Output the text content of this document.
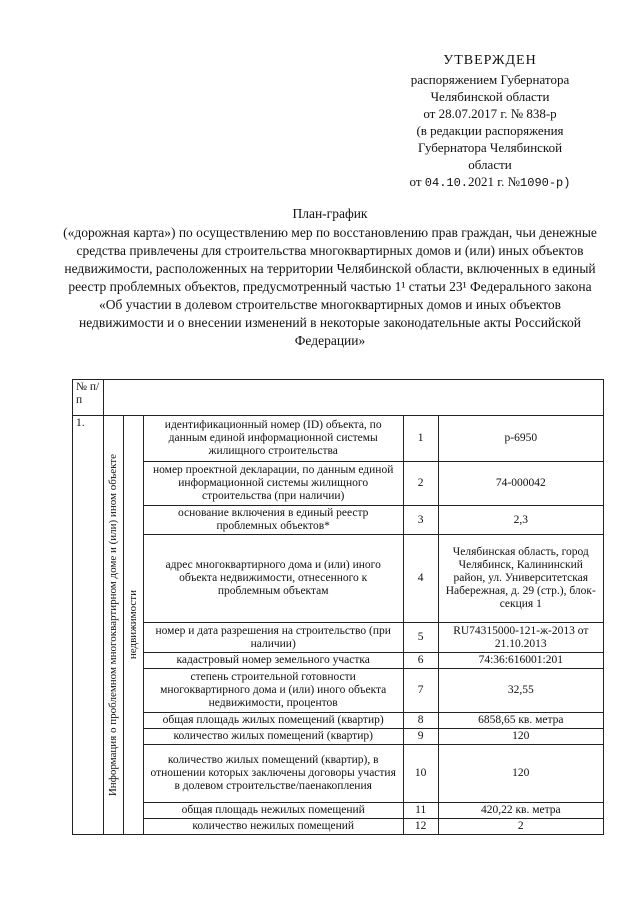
УТВЕРЖДЕН
распоряжением Губернатора
Челябинской области
от 28.07.2017 г. № 838-р
(в редакции распоряжения
Губернатора Челябинской
области
от 04.10.2021 г. №1090-р)
План-график
(«дорожная карта») по осуществлению мер по восстановлению прав граждан, чьи денежные средства привлечены для строительства многоквартирных домов и (или) иных объектов недвижимости, расположенных на территории Челябинской области, включенных в единый реестр проблемных объектов, предусмотренный частью 1¹ статьи 23¹ Федерального закона «Об участии в долевом строительстве многоквартирных домов и иных объектов недвижимости и о внесении изменений в некоторые законодательные акты Российской Федерации»
№ п/п					
1.	Информация о проблемном многоквартирном доме и (или) ином объекте	недвижимости	идентификационный номер (ID) объекта, по данным единой информационной системы жилищного строительства	1	р-6950
			номер проектной декларации, по данным единой информационной системы жилищного строительства (при наличии)	2	74-000042
			основание включения в единый реестр проблемных объектов*	3	2,3
			адрес многоквартирного дома и (или) иного объекта недвижимости, отнесенного к проблемным объектам	4	Челябинская область, город Челябинск, Калининский район, ул. Университетская Набережная, д. 29 (стр.), блок-секция 1
			номер и дата разрешения на строительство (при наличии)	5	RU74315000-121-ж-2013 от 21.10.2013
			кадастровый номер земельного участка	6	74:36:616001:201
			степень строительной готовности многоквартирного дома и (или) иного объекта недвижимости, процентов	7	32,55
			общая площадь жилых помещений (квартир)	8	6858,65 кв. метра
			количество жилых помещений (квартир)	9	120
			количество жилых помещений (квартир), в отношении которых заключены договоры участия в долевом строительстве/паенакопления	10	120
			общая площадь нежилых помещений	11	420,22 кв. метра
			количество нежилых помещений	12	2
